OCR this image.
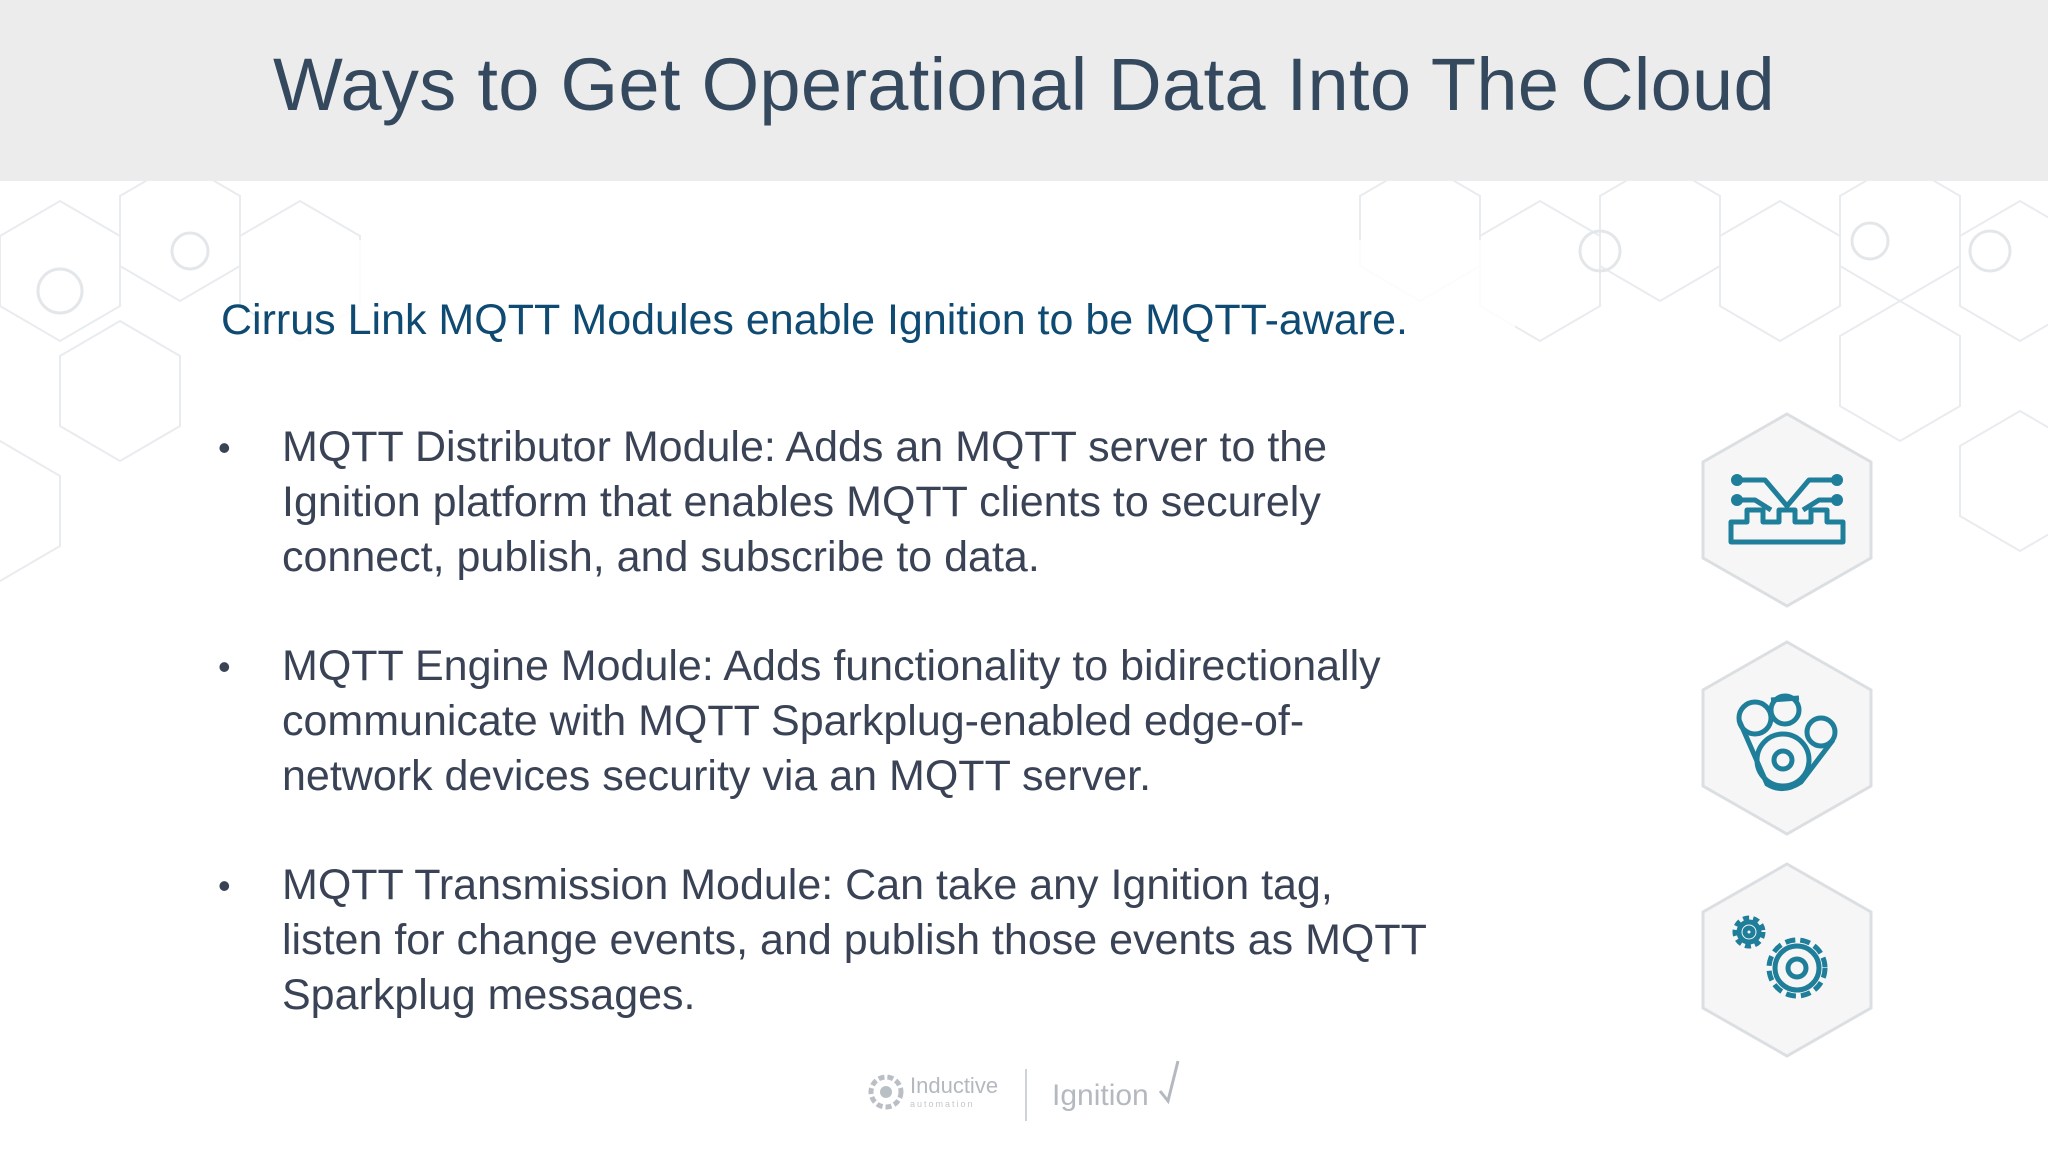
Ways to Get Operational Data Into The Cloud
Cirrus Link MQTT Modules enable Ignition to be MQTT-aware.
• MQTT Distributor Module: Adds an MQTT server to the
Ignition platform that enables MQTT clients to securely
connect, publish, and subscribe to data.
• MQTT Engine Module: Adds functionality to bidirectionally
communicate with MQTT Sparkplug-enabled edge-of-
network devices security via an MQTT server.
• MQTT Transmission Module: Can take any Ignition tag,
listen for change events, and publish those events as MQTT
Sparkplug messages.
Inductive
automation	Ignition
